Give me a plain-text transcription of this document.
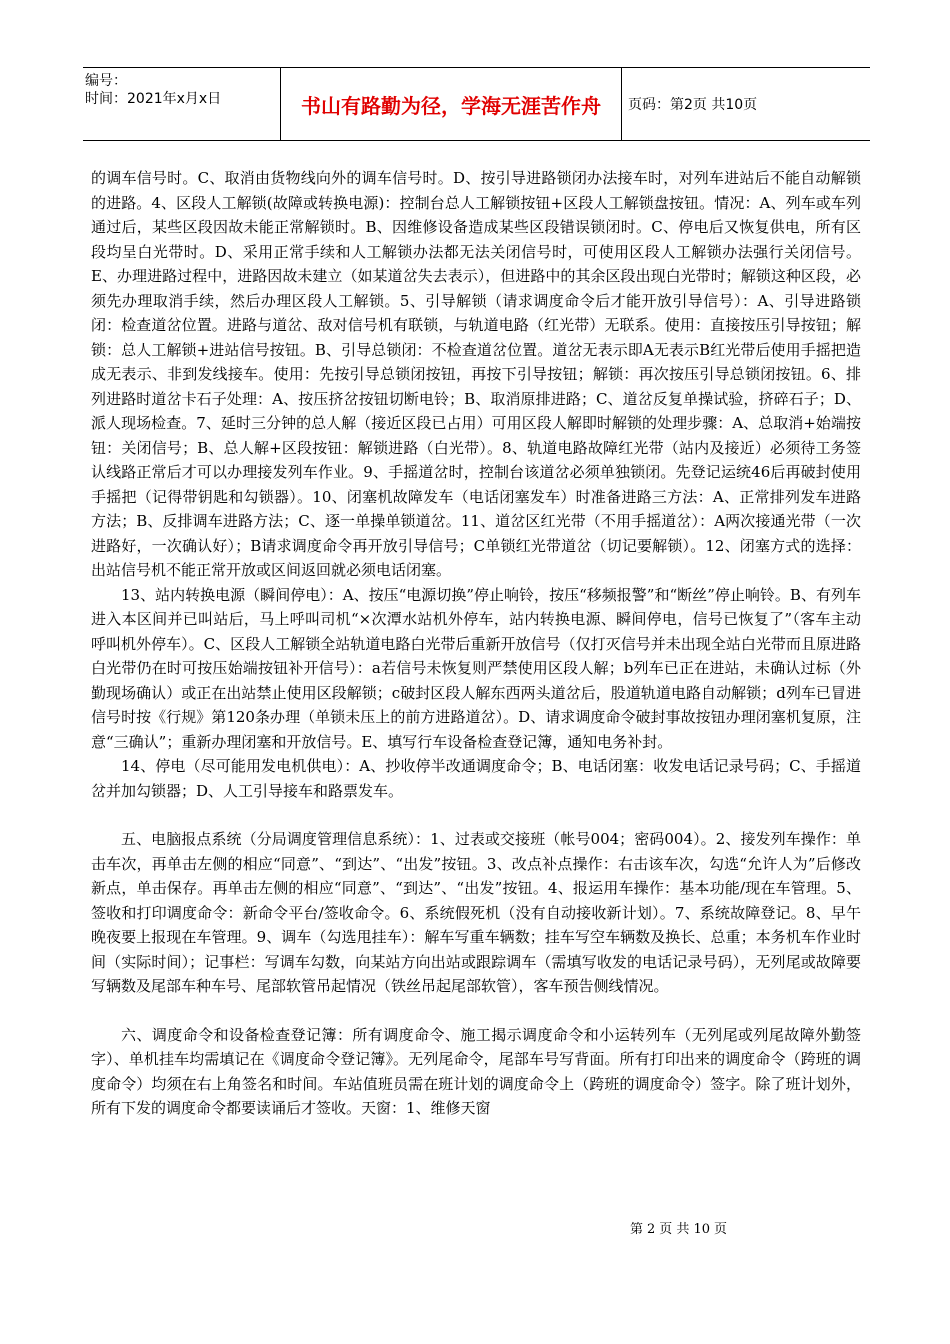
编号：
时间：2021年x月x日	书山有路勤为径，学海无涯苦作舟	页码：第2页 共10页

的调车信号时。C、取消由货物线向外的调车信号时。D、按引导进路锁闭办法接车时，对列车进站后不能自动解锁的进路。4、区段人工解锁(故障或转换电源)：控制台总人工解锁按钮+区段人工解锁盘按钮。情况：A、列车或车列通过后，某些区段因故未能正常解锁时。B、因维修设备造成某些区段错误锁闭时。C、停电后又恢复供电，所有区段均呈白光带时。D、采用正常手续和人工解锁办法都无法关闭信号时，可使用区段人工解锁办法强行关闭信号。E、办理进路过程中，进路因故未建立（如某道岔失去表示），但进路中的其余区段出现白光带时；解锁这种区段，必须先办理取消手续，然后办理区段人工解锁。5、引导解锁（请求调度命令后才能开放引导信号）：A、引导进路锁闭：检查道岔位置。进路与道岔、敌对信号机有联锁，与轨道电路（红光带）无联系。使用：直接按压引导按钮；解锁：总人工解锁+进站信号按钮。B、引导总锁闭：不检查道岔位置。道岔无表示即A无表示B红光带后使用手摇把造成无表示、非到发线接车。使用：先按引导总锁闭按钮，再按下引导按钮；解锁：再次按压引导总锁闭按钮。6、排列进路时道岔卡石子处理：A、按压挤岔按钮切断电铃；B、取消原排进路；C、道岔反复单操试验，挤碎石子；D、派人现场检查。7、延时三分钟的总人解（接近区段已占用）可用区段人解即时解锁的处理步骤：A、总取消+始端按钮：关闭信号；B、总人解+区段按钮：解锁进路（白光带）。8、轨道电路故障红光带（站内及接近）必须待工务签认线路正常后才可以办理接发列车作业。9、手摇道岔时，控制台该道岔必须单独锁闭。先登记运统46后再破封使用手摇把（记得带钥匙和勾锁器）。10、闭塞机故障发车（电话闭塞发车）时准备进路三方法：A、正常排列发车进路方法；B、反排调车进路方法；C、逐一单操单锁道岔。11、道岔区红光带（不用手摇道岔）：A两次接通光带（一次进路好，一次确认好）；B请求调度命令再开放引导信号；C单锁红光带道岔（切记要解锁）。12、闭塞方式的选择：出站信号机不能正常开放或区间返回就必须电话闭塞。

13、站内转换电源（瞬间停电）：A、按压“电源切换”停止响铃，按压“移频报警”和“断丝”停止响铃。B、有列车进入本区间并已叫站后，马上呼叫司机“×次潭水站机外停车，站内转换电源、瞬间停电，信号已恢复了”（客车主动呼叫机外停车）。C、区段人工解锁全站轨道电路白光带后重新开放信号（仅打灭信号并未出现全站白光带而且原进路白光带仍在时可按压始端按钮补开信号）：a若信号未恢复则严禁使用区段人解；b列车已正在进站，未确认过标（外勤现场确认）或正在出站禁止使用区段解锁；c破封区段人解东西两头道岔后，股道轨道电路自动解锁；d列车已冒进信号时按《行规》第120条办理（单锁未压上的前方进路道岔）。D、请求调度命令破封事故按钮办理闭塞机复原，注意“三确认”；重新办理闭塞和开放信号。E、填写行车设备检查登记簿，通知电务补封。

14、停电（尽可能用发电机供电）：A、抄收停半改通调度命令；B、电话闭塞：收发电话记录号码；C、手摇道岔并加勾锁器；D、人工引导接车和路票发车。

五、电脑报点系统（分局调度管理信息系统）：1、过表或交接班（帐号004；密码004）。2、接发列车操作：单击车次，再单击左侧的相应“同意”、“到达”、“出发”按钮。3、改点补点操作：右击该车次，勾选“允许人为”后修改新点，单击保存。再单击左侧的相应“同意”、“到达”、“出发”按钮。4、报运用车操作：基本功能/现在车管理。5、签收和打印调度命令：新命令平台/签收命令。6、系统假死机（没有自动接收新计划）。7、系统故障登记。8、早午晚夜要上报现在车管理。9、调车（勾选甩挂车）：解车写重车辆数；挂车写空车辆数及换长、总重；本务机车作业时间（实际时间）；记事栏：写调车勾数，向某站方向出站或跟踪调车（需填写收发的电话记录号码），无列尾或故障要写辆数及尾部车种车号、尾部软管吊起情况（铁丝吊起尾部软管），客车预告侧线情况。

六、调度命令和设备检查登记簿：所有调度命令、施工揭示调度命令和小运转列车（无列尾或列尾故障外勤签字）、单机挂车均需填记在《调度命令登记簿》。无列尾命令，尾部车号写背面。所有打印出来的调度命令（跨班的调度命令）均须在右上角签名和时间。车站值班员需在班计划的调度命令上（跨班的调度命令）签字。除了班计划外，所有下发的调度命令都要读诵后才签收。天窗：1、维修天窗

第 2 页 共 10 页
